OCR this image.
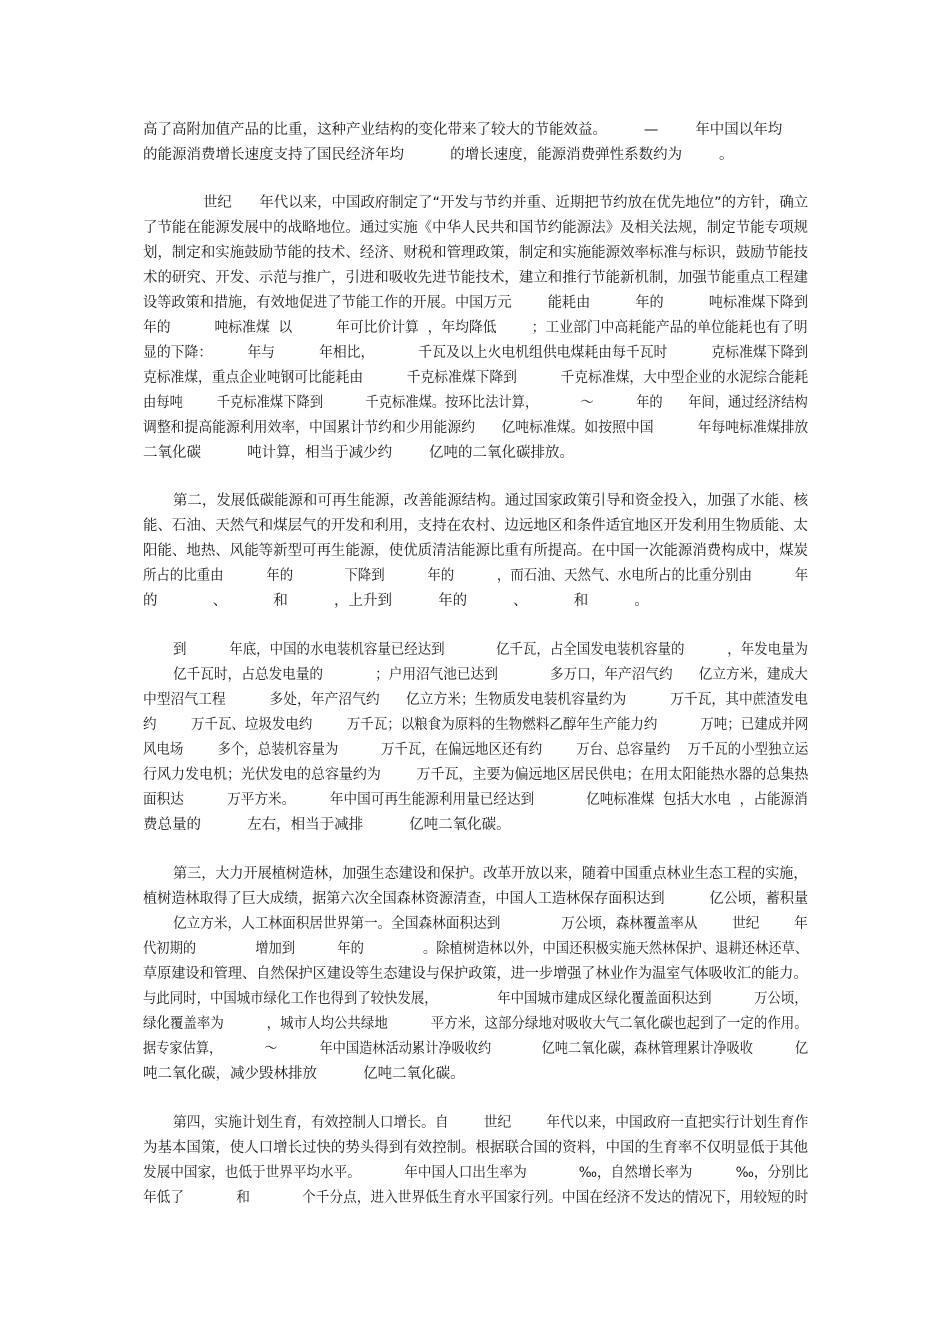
高了高附加值产品的比重，这种产业结构的变化带来了较大的节能效益。        —        年中国以年均
的能源消费增长速度支持了国民经济年均          的增长速度，能源消费弹性系数约为        。
世纪      年代以来，中国政府制定了“开发与节约并重、近期把节约放在优先地位”的方针，确立
了节能在能源发展中的战略地位。通过实施《中华人民共和国节约能源法》及相关法规，制定节能专项规
划，制定和实施鼓励节能的技术、经济、财税和管理政策，制定和实施能源效率标准与标识，鼓励节能技
术的研究、开发、示范与推广，引进和吸收先进节能技术，建立和推行节能新机制，加强节能重点工程建
设等政策和措施，有效地促进了节能工作的开展。中国万元        能耗由          年的          吨标准煤下降到
年的          吨标准煤  以          年可比价计算  ，年均降低        ；工业部门中高耗能产品的单位能耗也有了明
显的下降：        年与          年相比，          千瓦及以上火电机组供电煤耗由每千瓦时          克标准煤下降到
克标准煤，重点企业吨钢可比能耗由          千克标准煤下降到          千克标准煤，大中型企业的水泥综合能耗
由每吨        千克标准煤下降到          千克标准煤。按环比法计算，          ～          年的      年间，通过经济结构
调整和提高能源利用效率，中国累计节约和少用能源约      亿吨标准煤。如按照中国          年每吨标准煤排放
二氧化碳          吨计算，相当于减少约        亿吨的二氧化碳排放。
第二，发展低碳能源和可再生能源，改善能源结构。通过国家政策引导和资金投入，加强了水能、核
能、石油、天然气和煤层气的开发和利用，支持在农村、边远地区和条件适宜地区开发利用生物质能、太
阳能、地热、风能等新型可再生能源，使优质清洁能源比重有所提高。在中国一次能源消费构成中，煤炭
所占的比重由          年的            下降到          年的          ，而石油、天然气、水电所占的比重分别由          年
的            、          和          ，上升到          年的          、          和          。
到          年底，中国的水电装机容量已经达到            亿千瓦，占全国发电装机容量的          ，年发电量为
亿千瓦时，占总发电量的            ；户用沼气池已达到            多万口，年产沼气约      亿立方米，建成大
中型沼气工程          多处，年产沼气约      亿立方米；生物质发电装机容量约为          万千瓦，其中蔗渣发电
约        万千瓦、垃圾发电约        万千瓦；以粮食为原料的生物燃料乙醇年生产能力约          万吨；已建成并网
风电场        多个，总装机容量为          万千瓦，在偏远地区还有约        万台、总容量约    万千瓦的小型独立运
行风力发电机；光伏发电的总容量约为        万千瓦，主要为偏远地区居民供电；在用太阳能热水器的总集热
面积达          万平方米。        年中国可再生能源利用量已经达到            亿吨标准煤  包括大水电  ，占能源消
费总量的          左右，相当于减排          亿吨二氧化碳。
第三，大力开展植树造林，加强生态建设和保护。改革开放以来，随着中国重点林业生态工程的实施，
植树造林取得了巨大成绩，据第六次全国森林资源清查，中国人工造林保存面积达到          亿公顷，蓄积量
亿立方米，人工林面积居世界第一。全国森林面积达到              万公顷，森林覆盖率从        世纪        年
代初期的              增加到          年的              。除植树造林以外，中国还积极实施天然林保护、退耕还林还草、
草原建设和管理、自然保护区建设等生态建设与保护政策，进一步增强了林业作为温室气体吸收汇的能力。
与此同时，中国城市绿化工作也得到了较快发展，              年中国城市建成区绿化覆盖面积达到          万公顷，
绿化覆盖率为          ，城市人均公共绿地          平方米，这部分绿地对吸收大气二氧化碳也起到了一定的作用。
据专家估算，          ～          年中国造林活动累计净吸收约            亿吨二氧化碳，森林管理累计净吸收          亿
吨二氧化碳，减少毁林排放          亿吨二氧化碳。
第四，实施计划生育，有效控制人口增长。自        世纪        年代以来，中国政府一直把实行计划生育作
为基本国策，使人口增长过快的势头得到有效控制。根据联合国的资料，中国的生育率不仅明显低于其他
发展中国家，也低于世界平均水平。          年中国人口出生率为            ‰，自然增长率为          ‰，分别比
年低了            和            个千分点，进入世界低生育水平国家行列。中国在经济不发达的情况下，用较短的时
